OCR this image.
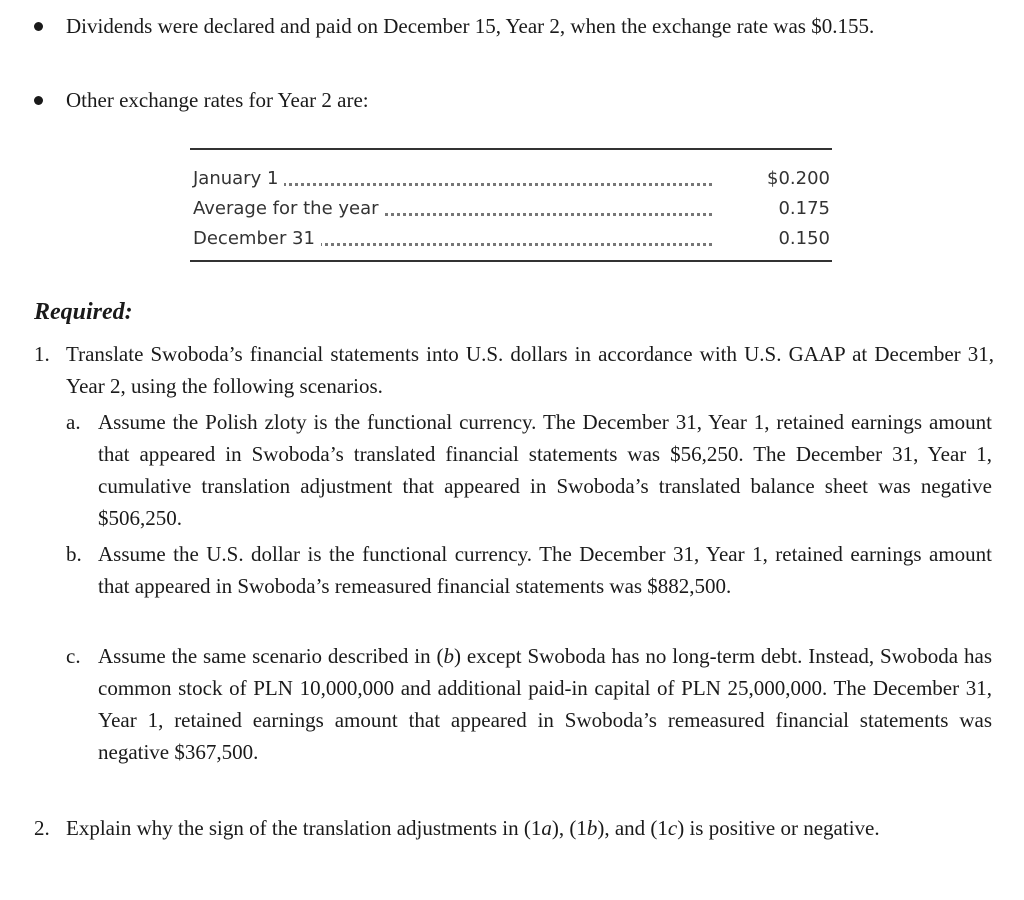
Dividends were declared and paid on December 15, Year 2, when the exchange rate was $0.155.
Other exchange rates for Year 2 are:
January 1	$0.200
Average for the year	0.175
December 31	0.150
Required:
1. Translate Swoboda’s financial statements into U.S. dollars in accordance with U.S. GAAP at December 31, Year 2, using the following scenarios.
a. Assume the Polish zloty is the functional currency. The December 31, Year 1, retained earnings amount that appeared in Swoboda’s translated financial statements was $56,250. The December 31, Year 1, cumulative translation adjustment that appeared in Swoboda’s translated balance sheet was negative $506,250.
b. Assume the U.S. dollar is the functional currency. The December 31, Year 1, retained earnings amount that appeared in Swoboda’s remeasured financial statements was $882,500.
c. Assume the same scenario described in (b) except Swoboda has no long-term debt. Instead, Swoboda has common stock of PLN 10,000,000 and additional paid-in capital of PLN 25,000,000. The December 31, Year 1, retained earnings amount that appeared in Swoboda’s remeasured financial statements was negative $367,500.
2. Explain why the sign of the translation adjustments in (1a), (1b), and (1c) is positive or negative.
